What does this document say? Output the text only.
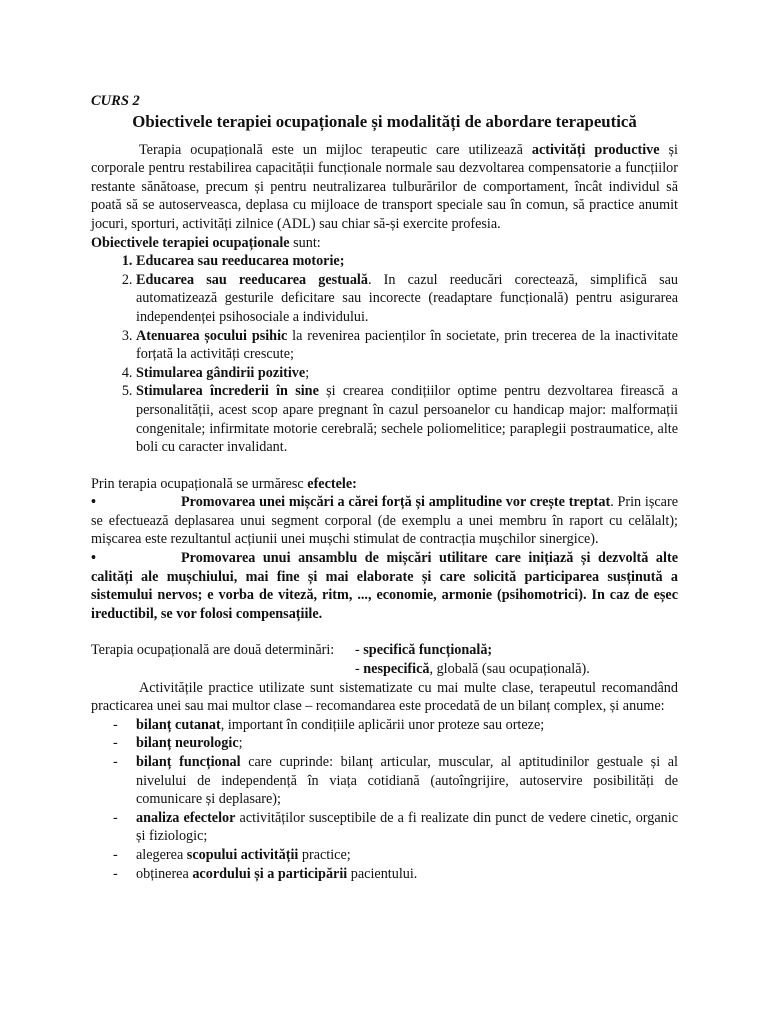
CURS 2

Obiectivele terapiei ocupaționale și modalități de abordare terapeutică

Terapia ocupațională este un mijloc terapeutic care utilizează activități productive și corporale pentru restabilirea capacității funcționale normale sau dezvoltarea compensatorie a funcțiilor restante sănătoase, precum și pentru neutralizarea tulburărilor de comportament, încât individul să poată să se autoserveasca, deplasa cu mijloace de transport speciale sau în comun, să practice anumit jocuri, sporturi, activități zilnice (ADL) sau chiar să-și exercite profesia.

Obiectivele terapiei ocupaționale sunt:

1. Educarea sau reeducarea motorie;
2. Educarea sau reeducarea gestuală. In cazul reeducări corectează, simplifică sau automatizează gesturile deficitare sau incorecte (readaptare funcțională) pentru asigurarea independenței psihosociale a individului.
3. Atenuarea șocului psihic la revenirea pacienților în societate, prin trecerea de la inactivitate forțată la activități crescute;
4. Stimularea gândirii pozitive;
5. Stimularea încrederii în sine și crearea condițiilor optime pentru dezvoltarea firească a personalității, acest scop apare pregnant în cazul persoanelor cu handicap major: malformații congenitale; infirmitate motorie cerebrală; sechele poliomelitice; paraplegii postraumatice, alte boli cu caracter invalidant.

Prin terapia ocupațională se urmăresc efectele:

•	Promovarea unei mișcări a cărei forță și amplitudine vor crește treptat. Prin ișcare se efectuează deplasarea unui segment corporal (de exemplu a unei membru în raport cu celălalt); mișcarea este rezultantul acțiunii unei mușchi stimulat de contracția mușchilor sinergice).

•	Promovarea unui ansamblu de mișcări utilitare care inițiază și dezvoltă alte calități ale mușchiului, mai fine și mai elaborate și care solicită participarea susținută a sistemului nervos; e vorba de viteză, ritm, ..., economie, armonie (psihomotrici). In caz de eșec ireductibil, se vor folosi compensațiile.

Terapia ocupațională are două determinări:	- specifică funcțională;
- nespecifică, globală (sau ocupațională).

Activitățile practice utilizate sunt sistematizate cu mai multe clase, terapeutul recomandând practicarea unei sau mai multor clase – recomandarea este procedată de un bilanț complex, și anume:

- bilanț cutanat, important în condițiile aplicării unor proteze sau orteze;
- bilanț neurologic;
- bilanț funcțional care cuprinde: bilanț articular, muscular, al aptitudinilor gestuale și al nivelului de independență în viața cotidiană (autoîngrijire, autoservire posibilități de comunicare și deplasare);
- analiza efectelor activităților susceptibile de a fi realizate din punct de vedere cinetic, organic și fiziologic;
- alegerea scopului activității practice;
- obținerea acordului și a participării pacientului.
